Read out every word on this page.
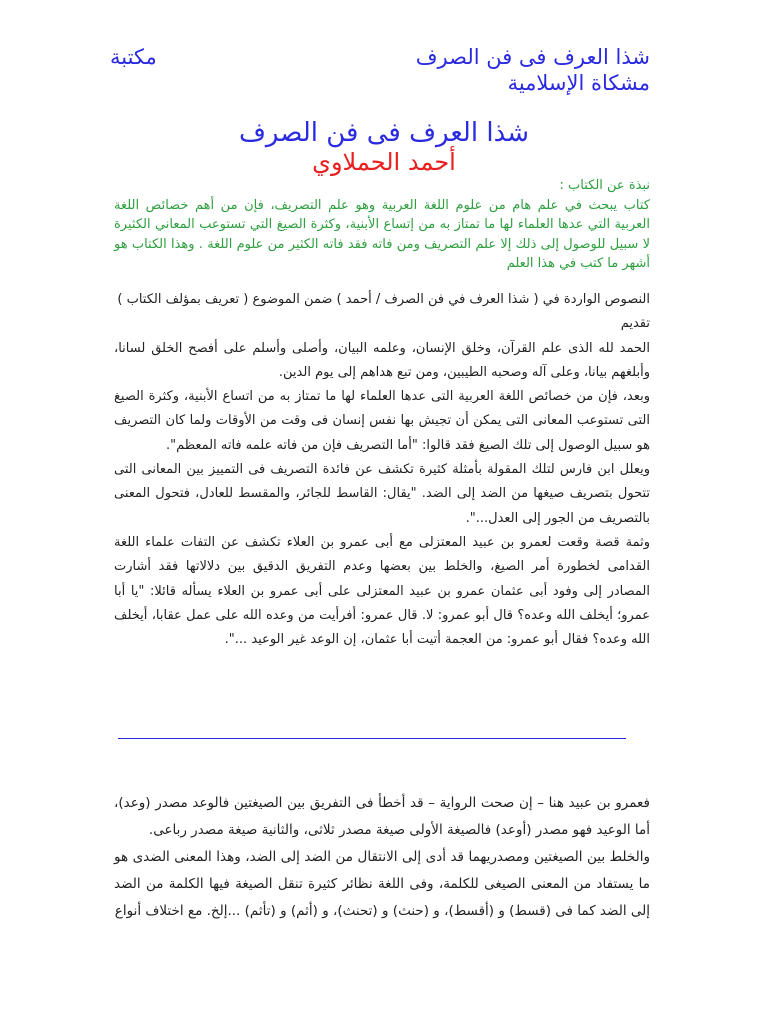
شذا العرف فى فن الصرف
مكتبة
مشكاة الإسلامية
شذا العرف فى فن الصرف
أحمد الحملاوي
نبذة عن الكتاب :
كتاب يبحث في علم هام من علوم اللغة العربية وهو علم التصريف، فإن من أهم خصائص اللغة العربية التي عدها العلماء لها ما تمتاز به من إتساع الأبنية، وكثرة الصيغ التي تستوعب المعاني الكثيرة لا سبيل للوصول إلى ذلك إلا علم التصريف ومن فاته فقد فاته الكثير من علوم اللغة . وهذا الكتاب هو أشهر ما كتب في هذا العلم

النصوص الواردة في ( شذا العرف في فن الصرف / أحمد ) ضمن الموضوع ( تعريف بمؤلف الكتاب )

تقديم

الحمد لله الذى علم القرآن، وخلق الإنسان، وعلمه البيان، وأصلى وأسلم على أفصح الخلق لسانا، وأبلغهم بيانا، وعلى آله وصحبه الطيبين، ومن تبع هداهم إلى يوم الدين.

وبعد، فإن من خصائص اللغة العربية التى عدها العلماء لها ما تمتاز به من اتساع الأبنية، وكثرة الصيغ التى تستوعب المعانى التى يمكن أن تجيش بها نفس إنسان فى وقت من الأوقات ولما كان التصريف هو سبيل الوصول إلى تلك الصيغ فقد قالوا: "أما التصريف فإن من فاته علمه فاته المعظم".

ويعلل ابن فارس لتلك المقولة بأمثلة كثيرة تكشف عن فائدة التصريف فى التمييز بين المعانى التى تتحول بتصريف صيغها من الضد إلى الضد. "يقال: القاسط للجائر، والمقسط للعادل، فتحول المعنى بالتصريف من الجور إلى العدل...".

وثمة قصة وقعت لعمرو بن عبيد المعتزلى مع أبى عمرو بن العلاء تكشف عن التفات علماء اللغة القدامى لخطورة أمر الصيغ، والخلط بين بعضها وعدم التفريق الدقيق بين دلالاتها فقد أشارت المصادر إلى وفود أبى عثمان عمرو بن عبيد المعتزلى على أبى عمرو بن العلاء يسأله قائلا: "يا أبا عمرو؛ أيخلف الله وعده؟ قال أبو عمرو: لا. قال عمرو: أفرأيت من وعده الله على عمل عقابا، أيخلف الله وعده؟ فقال أبو عمرو: من العجمة أتيت أبا عثمان، إن الوعد غير الوعيد ...".

فعمرو بن عبيد هنا – إن صحت الرواية – قد أخطأ فى التفريق بين الصيغتين فالوعد مصدر (وعد)، أما الوعيد فهو مصدر (أوعد) فالصيغة الأولى صيغة مصدر ثلاثى، والثانية صيغة مصدر رباعى.

والخلط بين الصيغتين ومصدريهما قد أدى إلى الانتقال من الضد إلى الضد، وهذا المعنى الضدى هو ما يستفاد من المعنى الصيغى للكلمة، وفى اللغة نظائر كثيرة تنقل الصيغة فيها الكلمة من الضد إلى الضد كما فى (قسط) و (أقسط)، و (حنث) و (تحنث)، و (أثم) و (تأثم) ...إلخ. مع اختلاف أنواع
